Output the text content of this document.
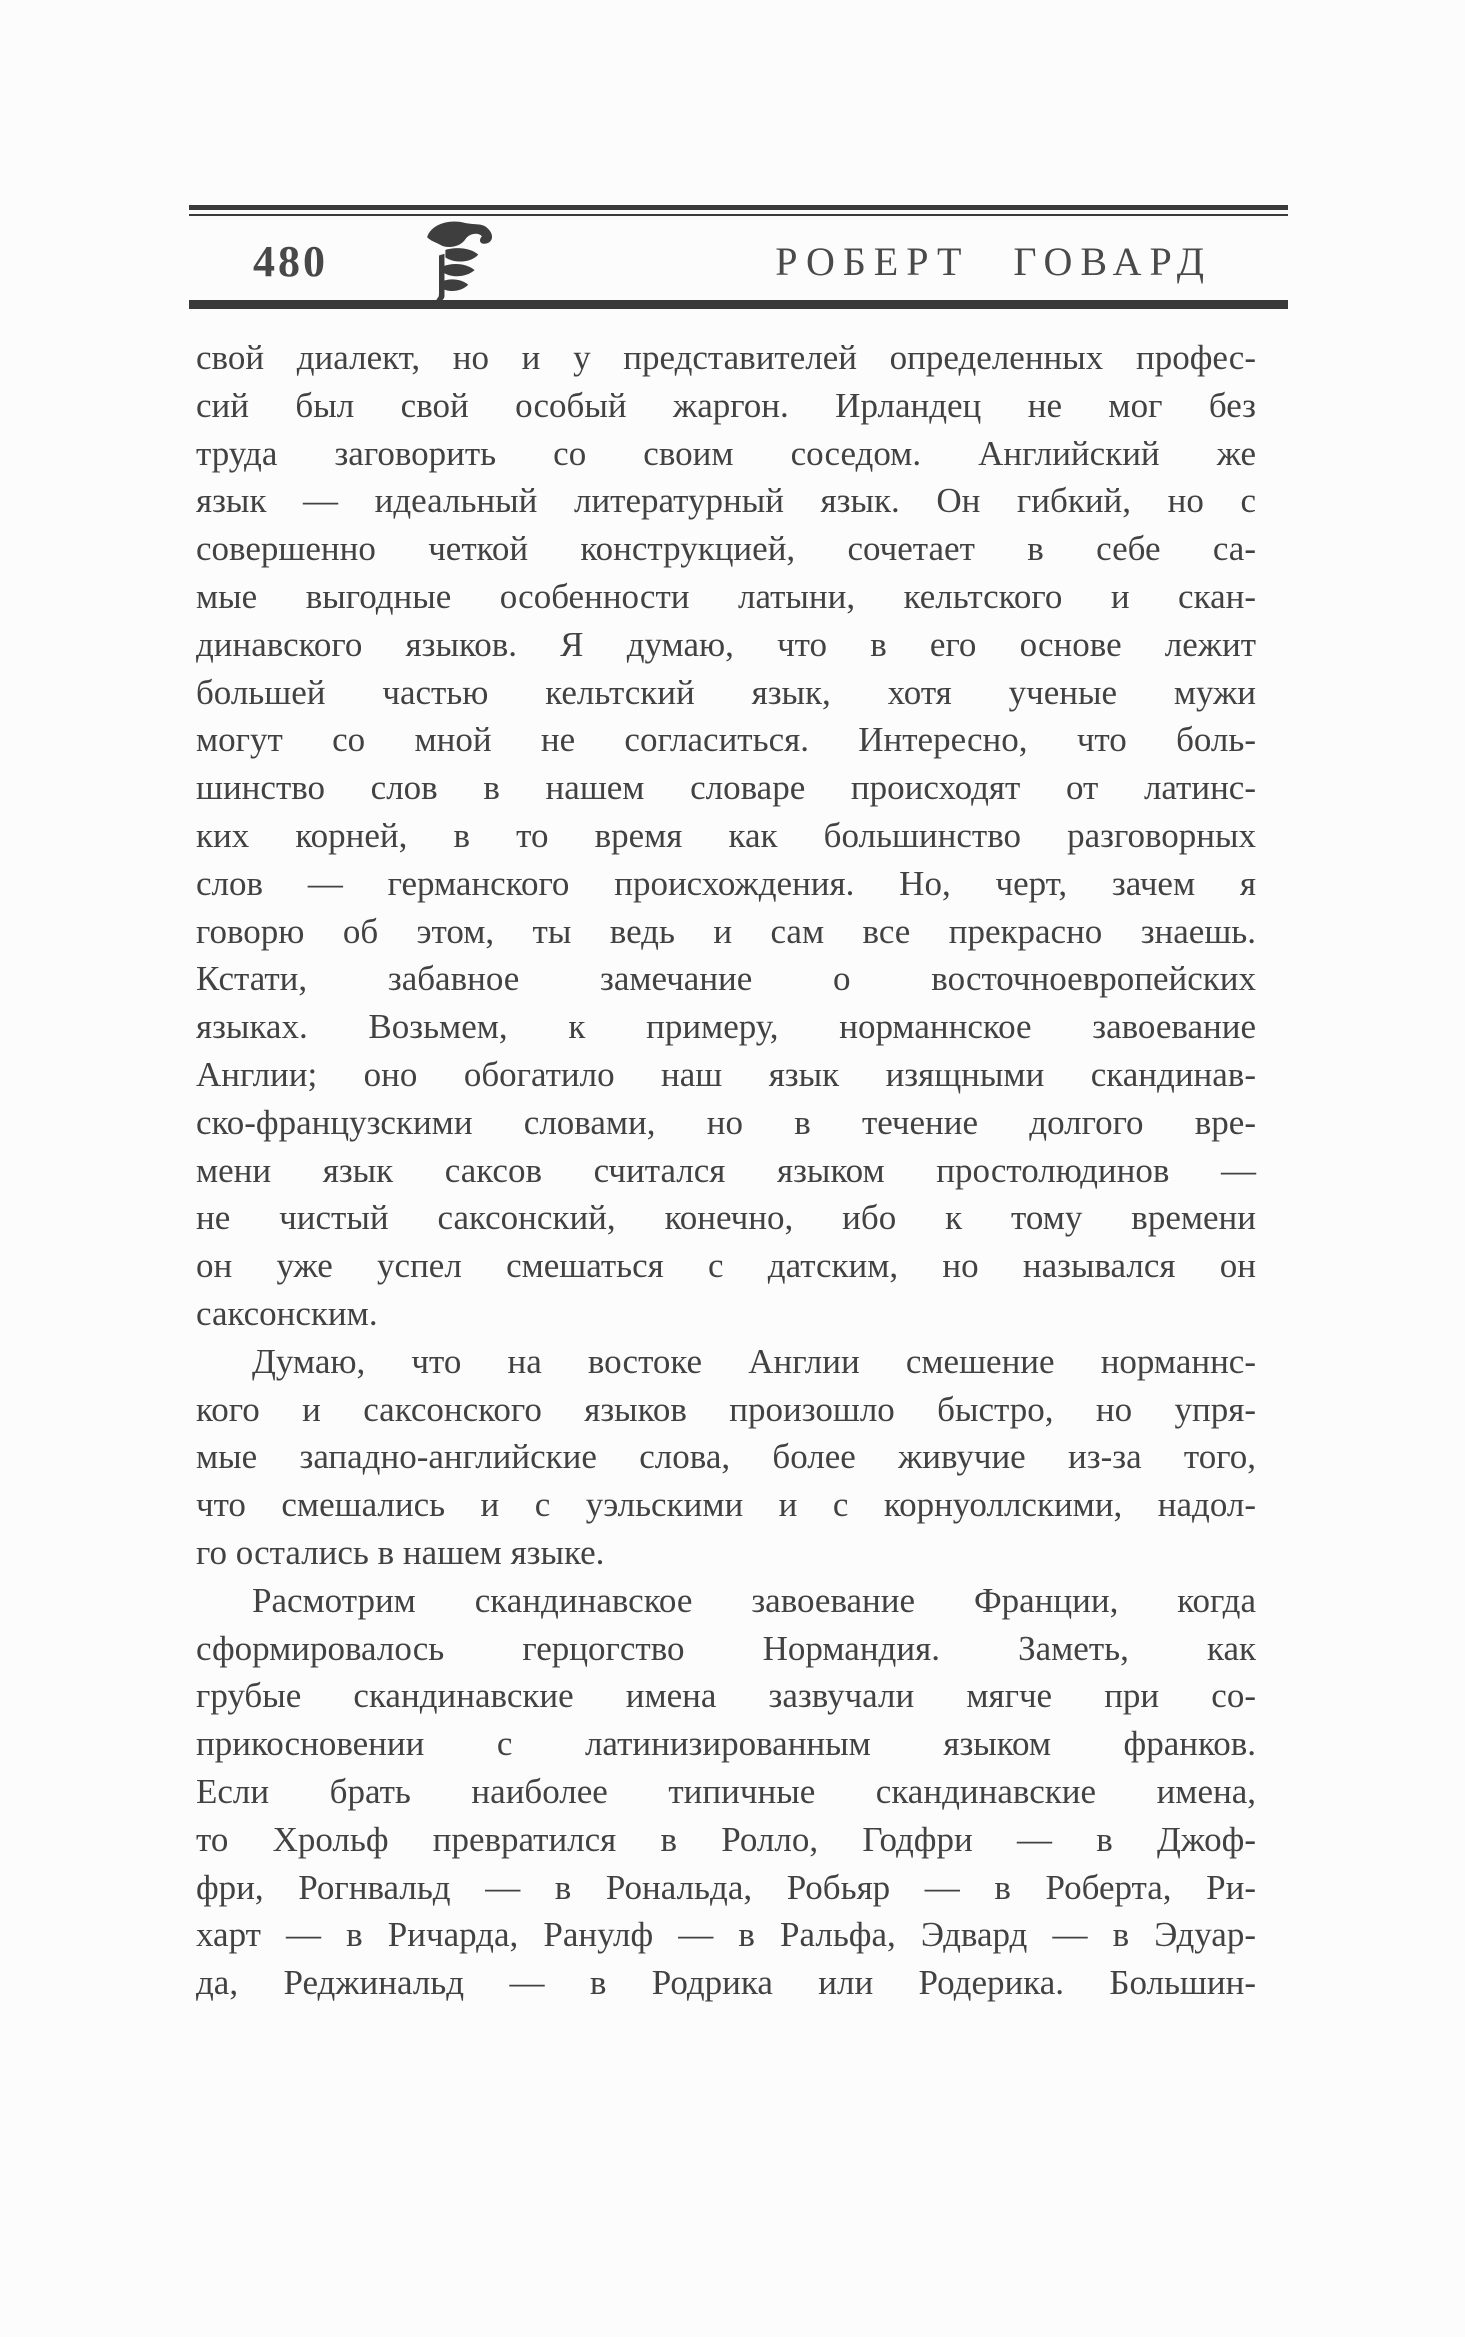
480	РОБЕРТ ГОВАРД
свой диалект, но и у представителей определенных профес-
сий был свой особый жаргон. Ирландец не мог без
труда заговорить со своим соседом. Английский же
язык — идеальный литературный язык. Он гибкий, но с
совершенно четкой конструкцией, сочетает в себе са-
мые выгодные особенности латыни, кельтского и скан-
динавского языков. Я думаю, что в его основе лежит
большей частью кельтский язык, хотя ученые мужи
могут со мной не согласиться. Интересно, что боль-
шинство слов в нашем словаре происходят от латинс-
ких корней, в то время как большинство разговорных
слов — германского происхождения. Но, черт, зачем я
говорю об этом, ты ведь и сам все прекрасно знаешь.
Кстати, забавное замечание о восточноевропейских
языках. Возьмем, к примеру, норманнское завоевание
Англии; оно обогатило наш язык изящными скандинав-
ско-французскими словами, но в течение долгого вре-
мени язык саксов считался языком простолюдинов —
не чистый саксонский, конечно, ибо к тому времени
он уже успел смешаться с датским, но назывался он
саксонским.
Думаю, что на востоке Англии смешение норманнс-
кого и саксонского языков произошло быстро, но упря-
мые западно-английские слова, более живучие из-за того,
что смешались и с уэльскими и с корнуоллскими, надол-
го остались в нашем языке.
Расмотрим скандинавское завоевание Франции, когда
сформировалось герцогство Нормандия. Заметь, как
грубые скандинавские имена зазвучали мягче при со-
прикосновении с латинизированным языком франков.
Если брать наиболее типичные скандинавские имена,
то Хрольф превратился в Ролло, Годфри — в Джоф-
фри, Рогнвальд — в Рональда, Робьяр — в Роберта, Ри-
харт — в Ричарда, Ранулф — в Ральфа, Эдвард — в Эдуар-
да, Реджинальд — в Родрика или Родерика. Большин-
